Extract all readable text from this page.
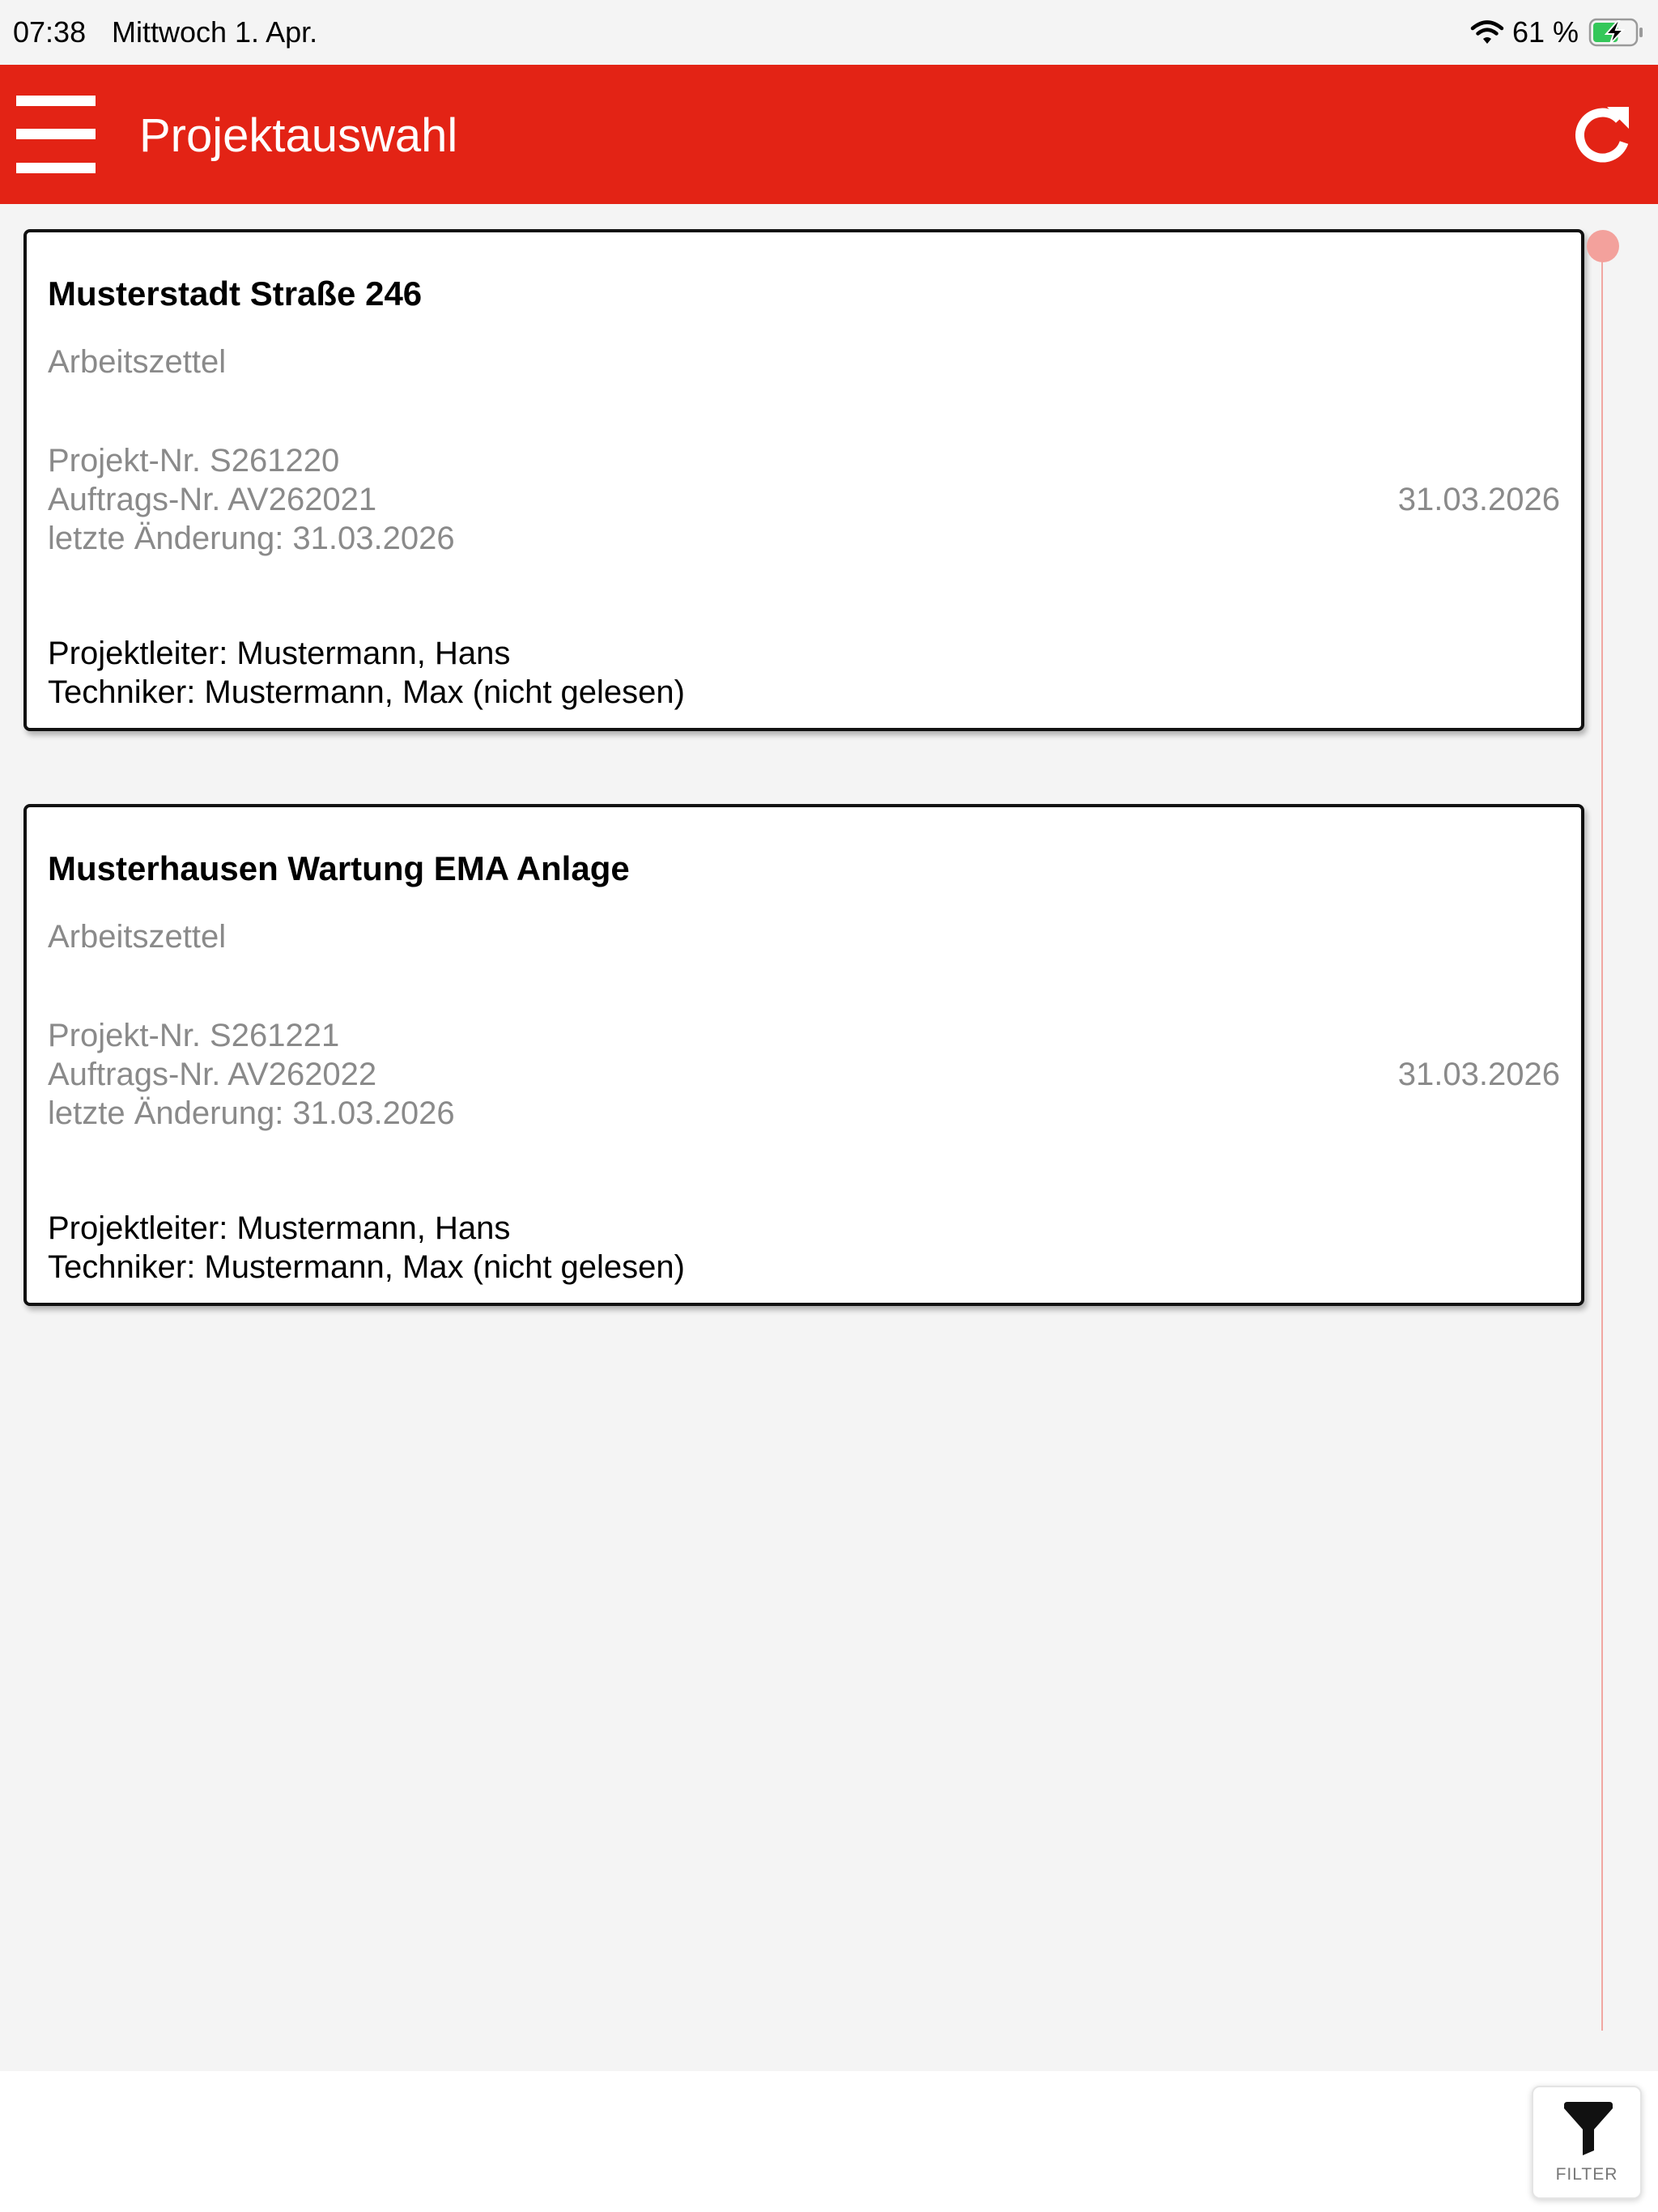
07:38 Mittwoch 1. Apr.	61 %
Projektauswahl
Musterstadt Straße 246
Arbeitszettel
Projekt-Nr. S261220
Auftrags-Nr. AV262021
letzte Änderung: 31.03.2026
31.03.2026
Projektleiter: Mustermann, Hans
Techniker: Mustermann, Max (nicht gelesen)
Musterhausen Wartung EMA Anlage
Arbeitszettel
Projekt-Nr. S261221
Auftrags-Nr. AV262022
letzte Änderung: 31.03.2026
31.03.2026
Projektleiter: Mustermann, Hans
Techniker: Mustermann, Max (nicht gelesen)
FILTER
